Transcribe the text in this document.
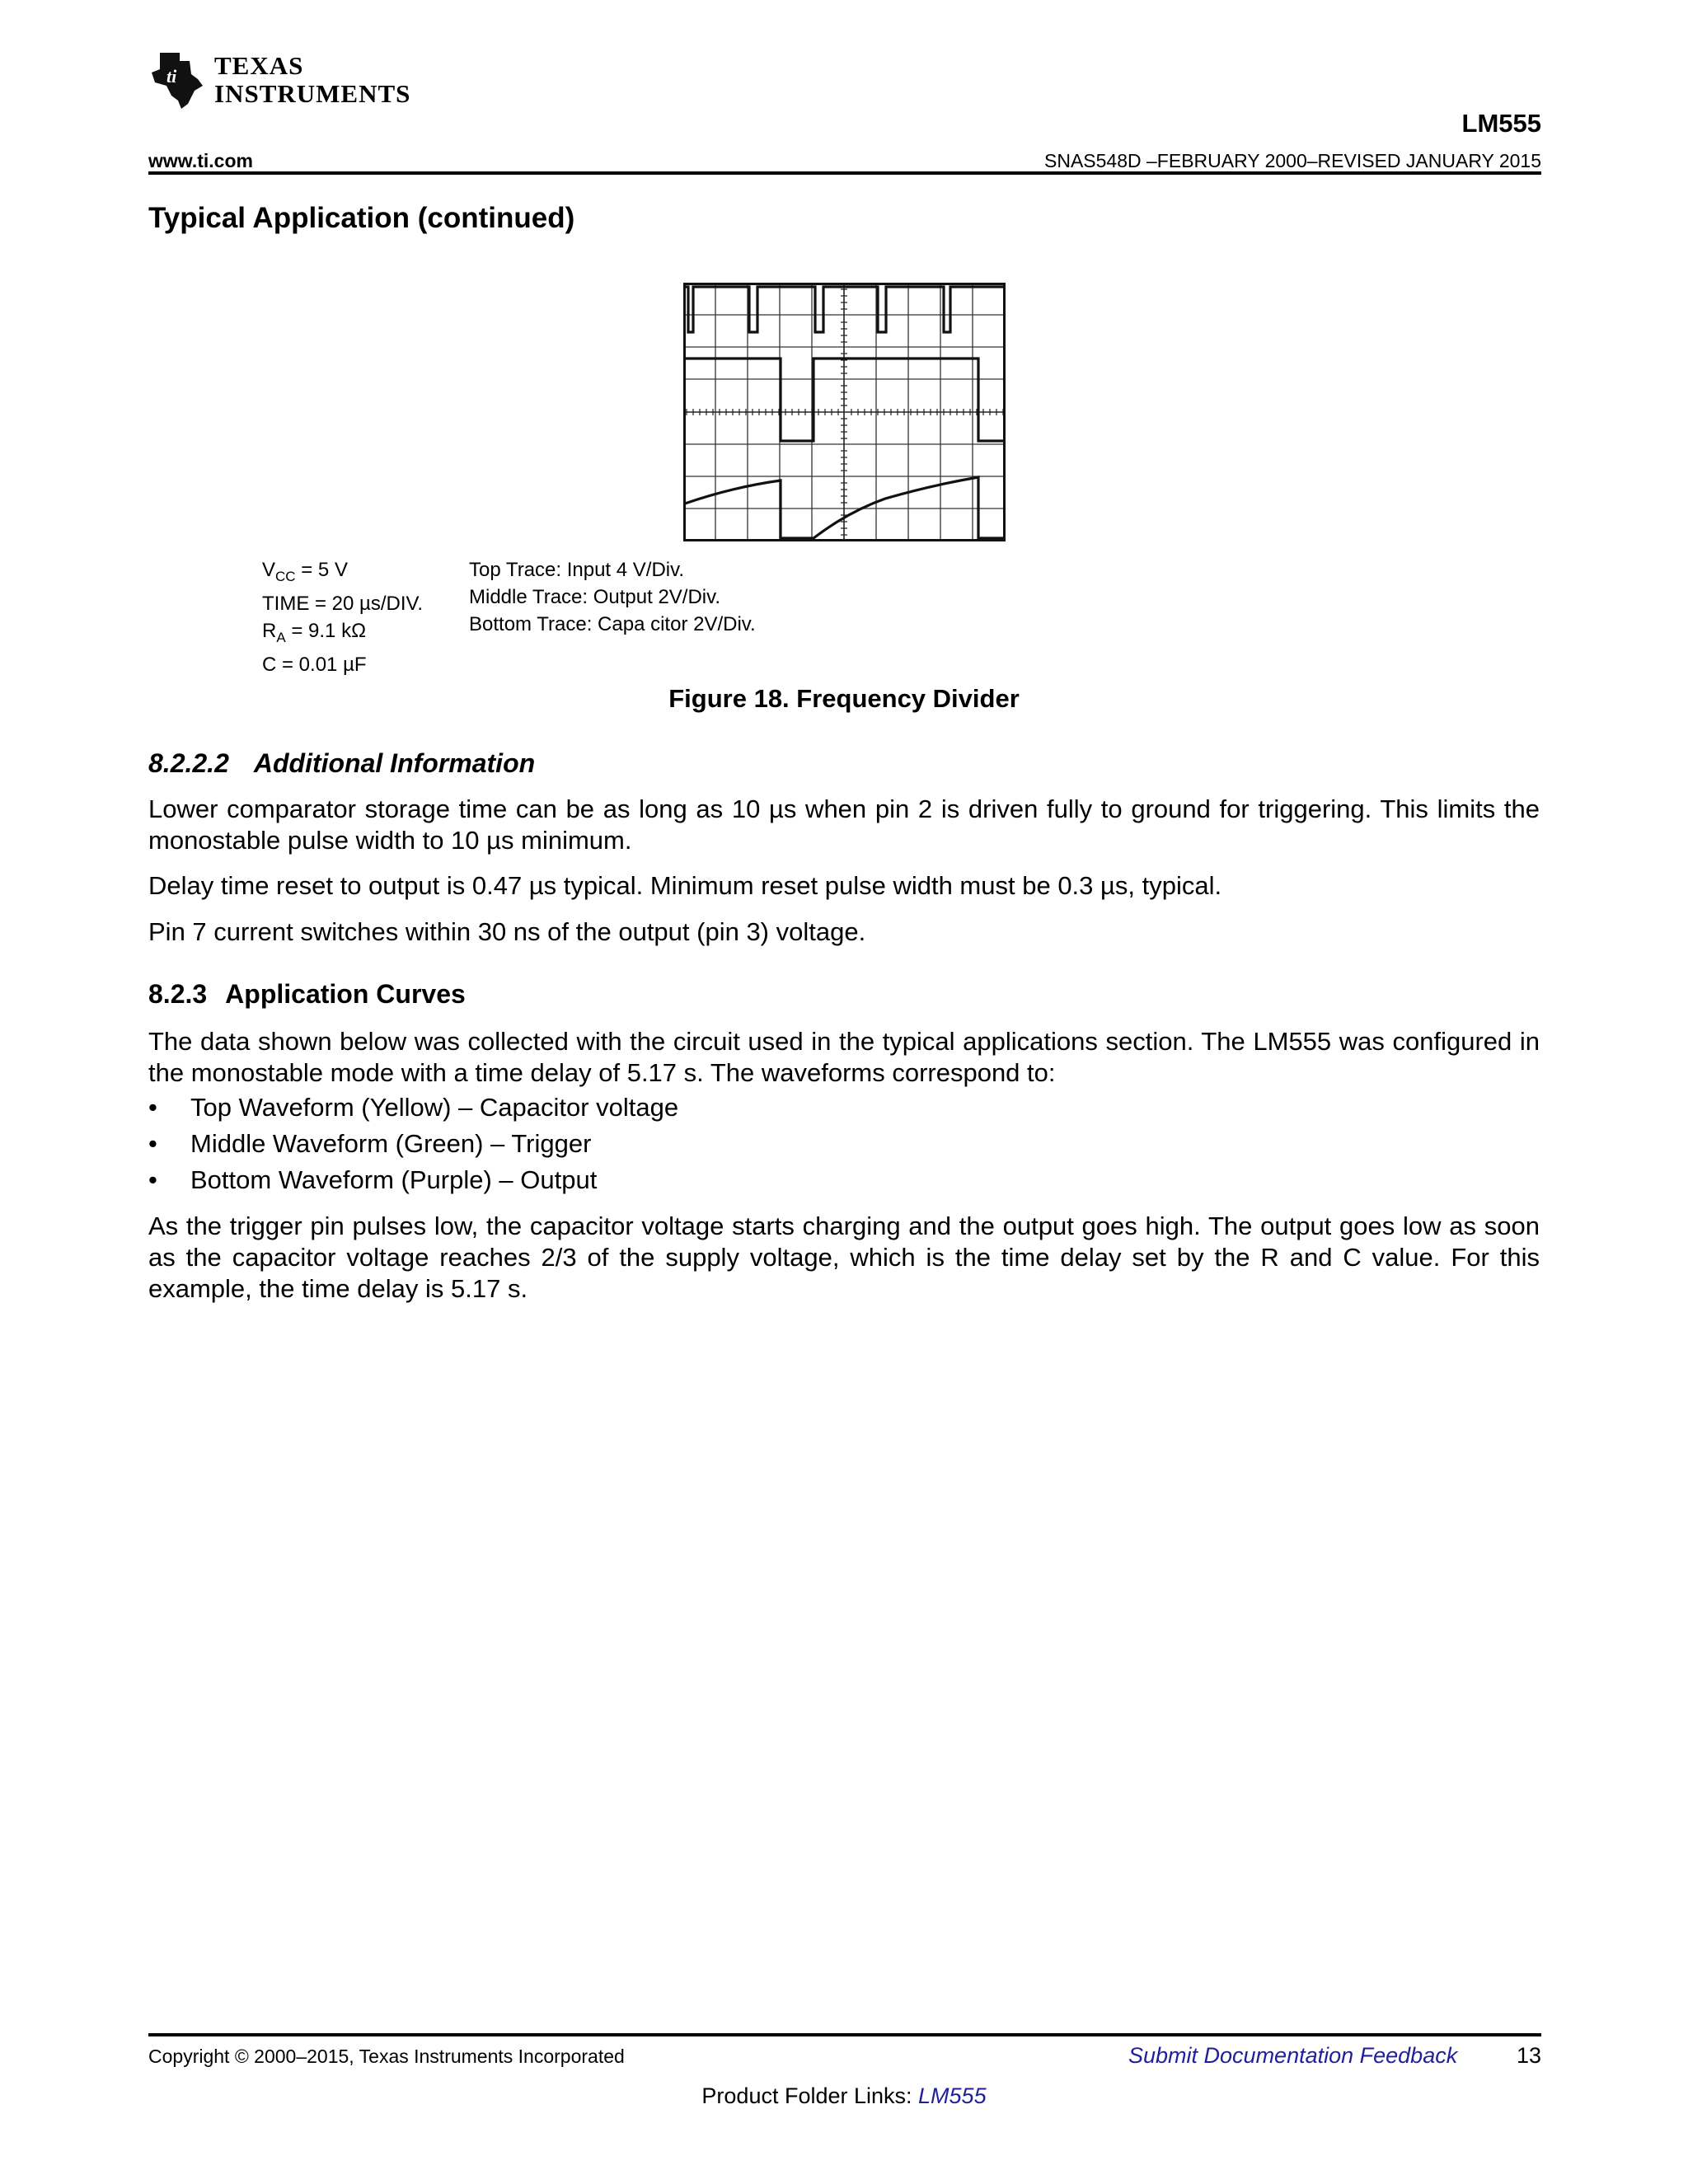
ti TEXAS
INSTRUMENTS
LM555
www.ti.com	SNAS548D –FEBRUARY 2000–REVISED JANUARY 2015
Typical Application (continued)
$V_{CC} = 5$ V
TIME = 20 µs/DIV.
$R_A = 9.1$ kΩ
C = 0.01 µF
Top Trace: Input 4 V/Div.
Middle Trace: Output 2V/Div.
Bottom Trace: Capa citor 2V/Div.
Figure 18. Frequency Divider
8.2.2.2 Additional Information

Lower comparator storage time can be as long as 10 µs when pin 2 is driven fully to ground for triggering. This limits the monostable pulse width to 10 µs minimum.

Delay time reset to output is 0.47 µs typical. Minimum reset pulse width must be 0.3 µs, typical.

Pin 7 current switches within 30 ns of the output (pin 3) voltage.

8.2.3 Application Curves

The data shown below was collected with the circuit used in the typical applications section. The LM555 was configured in the monostable mode with a time delay of 5.17 s. The waveforms correspond to:

• Top Waveform (Yellow) – Capacitor voltage
• Middle Waveform (Green) – Trigger
• Bottom Waveform (Purple) – Output

As the trigger pin pulses low, the capacitor voltage starts charging and the output goes high. The output goes low as soon as the capacitor voltage reaches 2/3 of the supply voltage, which is the time delay set by the R and C value. For this example, the time delay is 5.17 s.

Copyright © 2000–2015, Texas Instruments Incorporated	Submit Documentation Feedback	13
Product Folder Links: LM555
